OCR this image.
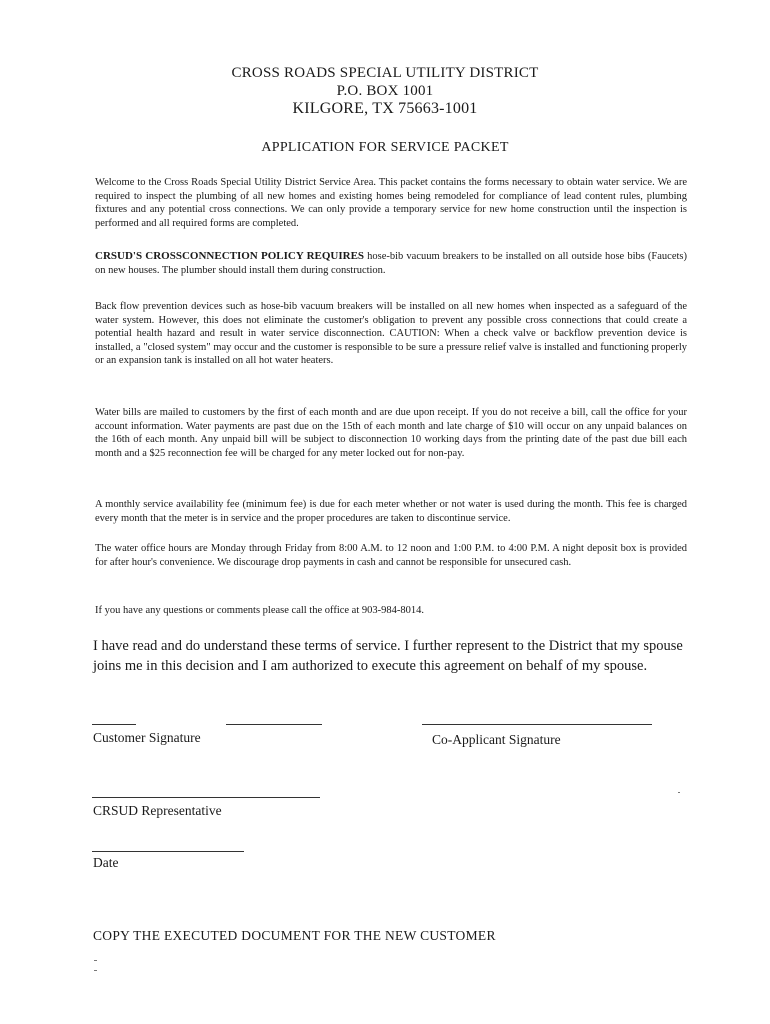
CROSS ROADS SPECIAL UTILITY DISTRICT
P.O. BOX 1001
KILGORE, TX 75663-1001
APPLICATION FOR SERVICE PACKET
Welcome to the Cross Roads Special Utility District Service Area. This packet contains the forms necessary to obtain water service. We are required to inspect the plumbing of all new homes and existing homes being remodeled for compliance of lead content rules, plumbing fixtures and any potential cross connections. We can only provide a temporary service for new home construction until the inspection is performed and all required forms are completed.
CRSUD'S CROSSCONNECTION POLICY REQUIRES hose-bib vacuum breakers to be installed on all outside hose bibs (Faucets) on new houses. The plumber should install them during construction.
Back flow prevention devices such as hose-bib vacuum breakers will be installed on all new homes when inspected as a safeguard of the water system. However, this does not eliminate the customer's obligation to prevent any possible cross connections that could create a potential health hazard and result in water service disconnection. CAUTION: When a check valve or backflow prevention device is installed, a "closed system" may occur and the customer is responsible to be sure a pressure relief valve is installed and functioning properly or an expansion tank is installed on all hot water heaters.
Water bills are mailed to customers by the first of each month and are due upon receipt. If you do not receive a bill, call the office for your account information. Water payments are past due on the 15th of each month and late charge of $10 will occur on any unpaid balances on the 16th of each month. Any unpaid bill will be subject to disconnection 10 working days from the printing date of the past due bill each month and a $25 reconnection fee will be charged for any meter locked out for non-pay.
A monthly service availability fee (minimum fee) is due for each meter whether or not water is used during the month. This fee is charged every month that the meter is in service and the proper procedures are taken to discontinue service.
The water office hours are Monday through Friday from 8:00 A.M. to 12 noon and 1:00 P.M. to 4:00 P.M. A night deposit box is provided for after hour's convenience. We discourage drop payments in cash and cannot be responsible for unsecured cash.
If you have any questions or comments please call the office at 903-984-8014.
I have read and do understand these terms of service. I further represent to the District that my spouse joins me in this decision and I am authorized to execute this agreement on behalf of my spouse.
Customer Signature	Co-Applicant Signature
CRSUD Representative
Date
COPY THE EXECUTED DOCUMENT FOR THE NEW CUSTOMER
